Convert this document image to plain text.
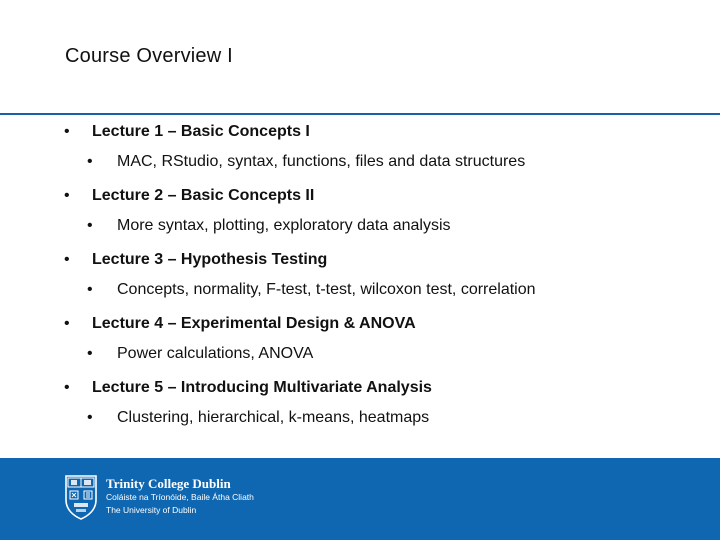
Course Overview I
• Lecture 1 – Basic Concepts I
• MAC, RStudio, syntax, functions, files and data structures
• Lecture 2 – Basic Concepts II
• More syntax, plotting, exploratory data analysis
• Lecture 3 – Hypothesis Testing
• Concepts, normality, F-test, t-test, wilcoxon test, correlation
• Lecture 4 – Experimental Design & ANOVA
• Power calculations, ANOVA
• Lecture 5 – Introducing Multivariate Analysis
• Clustering, hierarchical, k-means, heatmaps
Trinity College Dublin
Coláiste na Tríonóide, Baile Átha Cliath
The University of Dublin
